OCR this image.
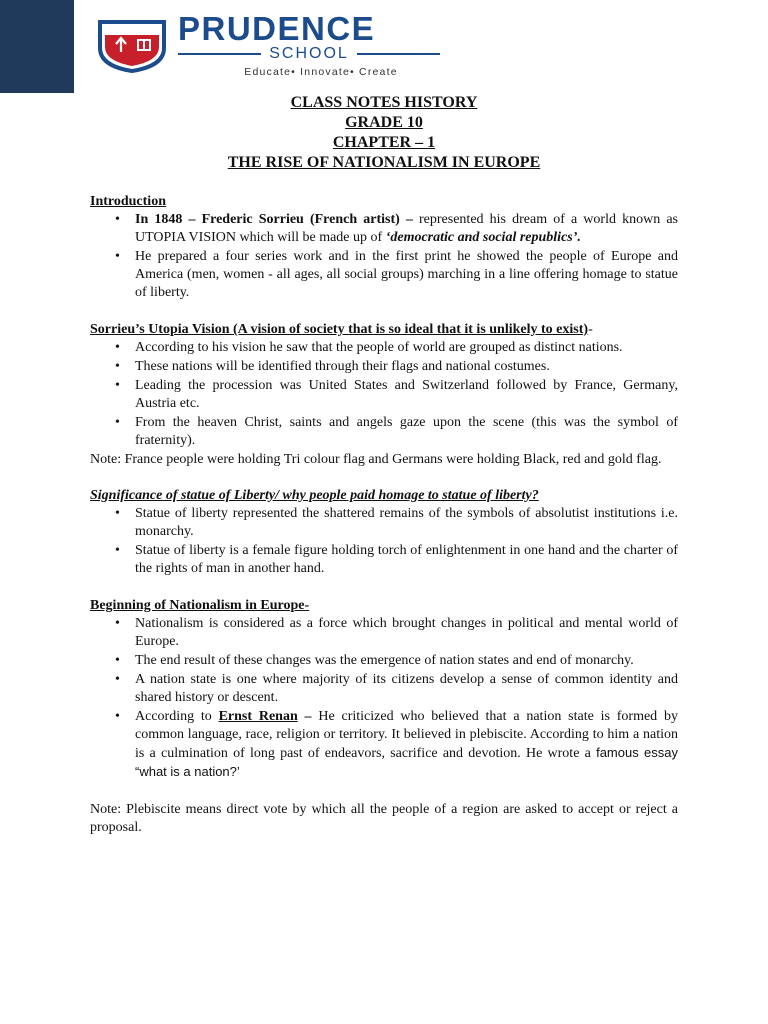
PRUDENCE
SCHOOL
Educate• Innovate• Create
CLASS NOTES HISTORY
GRADE 10
CHAPTER – 1
THE RISE OF NATIONALISM IN EUROPE

Introduction

• In 1848 – Frederic Sorrieu (French artist) – represented his dream of a world known as UTOPIA VISION which will be made up of ‘democratic and social republics’.
• He prepared a four series work and in the first print he showed the people of Europe and America (men, women - all ages, all social groups) marching in a line offering homage to statue of liberty.

Sorrieu’s Utopia Vision (A vision of society that is so ideal that it is unlikely to exist)-

• According to his vision he saw that the people of world are grouped as distinct nations.
• These nations will be identified through their flags and national costumes.
• Leading the procession was United States and Switzerland followed by France, Germany, Austria etc.
• From the heaven Christ, saints and angels gaze upon the scene (this was the symbol of fraternity).

Note: France people were holding Tri colour flag and Germans were holding Black, red and gold flag.

Significance of statue of Liberty/ why people paid homage to statue of liberty?

• Statue of liberty represented the shattered remains of the symbols of absolutist institutions i.e. monarchy.
• Statue of liberty is a female figure holding torch of enlightenment in one hand and the charter of the rights of man in another hand.

Beginning of Nationalism in Europe-

• Nationalism is considered as a force which brought changes in political and mental world of Europe.
• The end result of these changes was the emergence of nation states and end of monarchy.
• A nation state is one where majority of its citizens develop a sense of common identity and shared history or descent.
• According to Ernst Renan – He criticized who believed that a nation state is formed by common language, race, religion or territory. It believed in plebiscite. According to him a nation is a culmination of long past of endeavors, sacrifice and devotion. He wrote a famous essay “what is a nation?’

Note: Plebiscite means direct vote by which all the people of a region are asked to accept or reject a proposal.
